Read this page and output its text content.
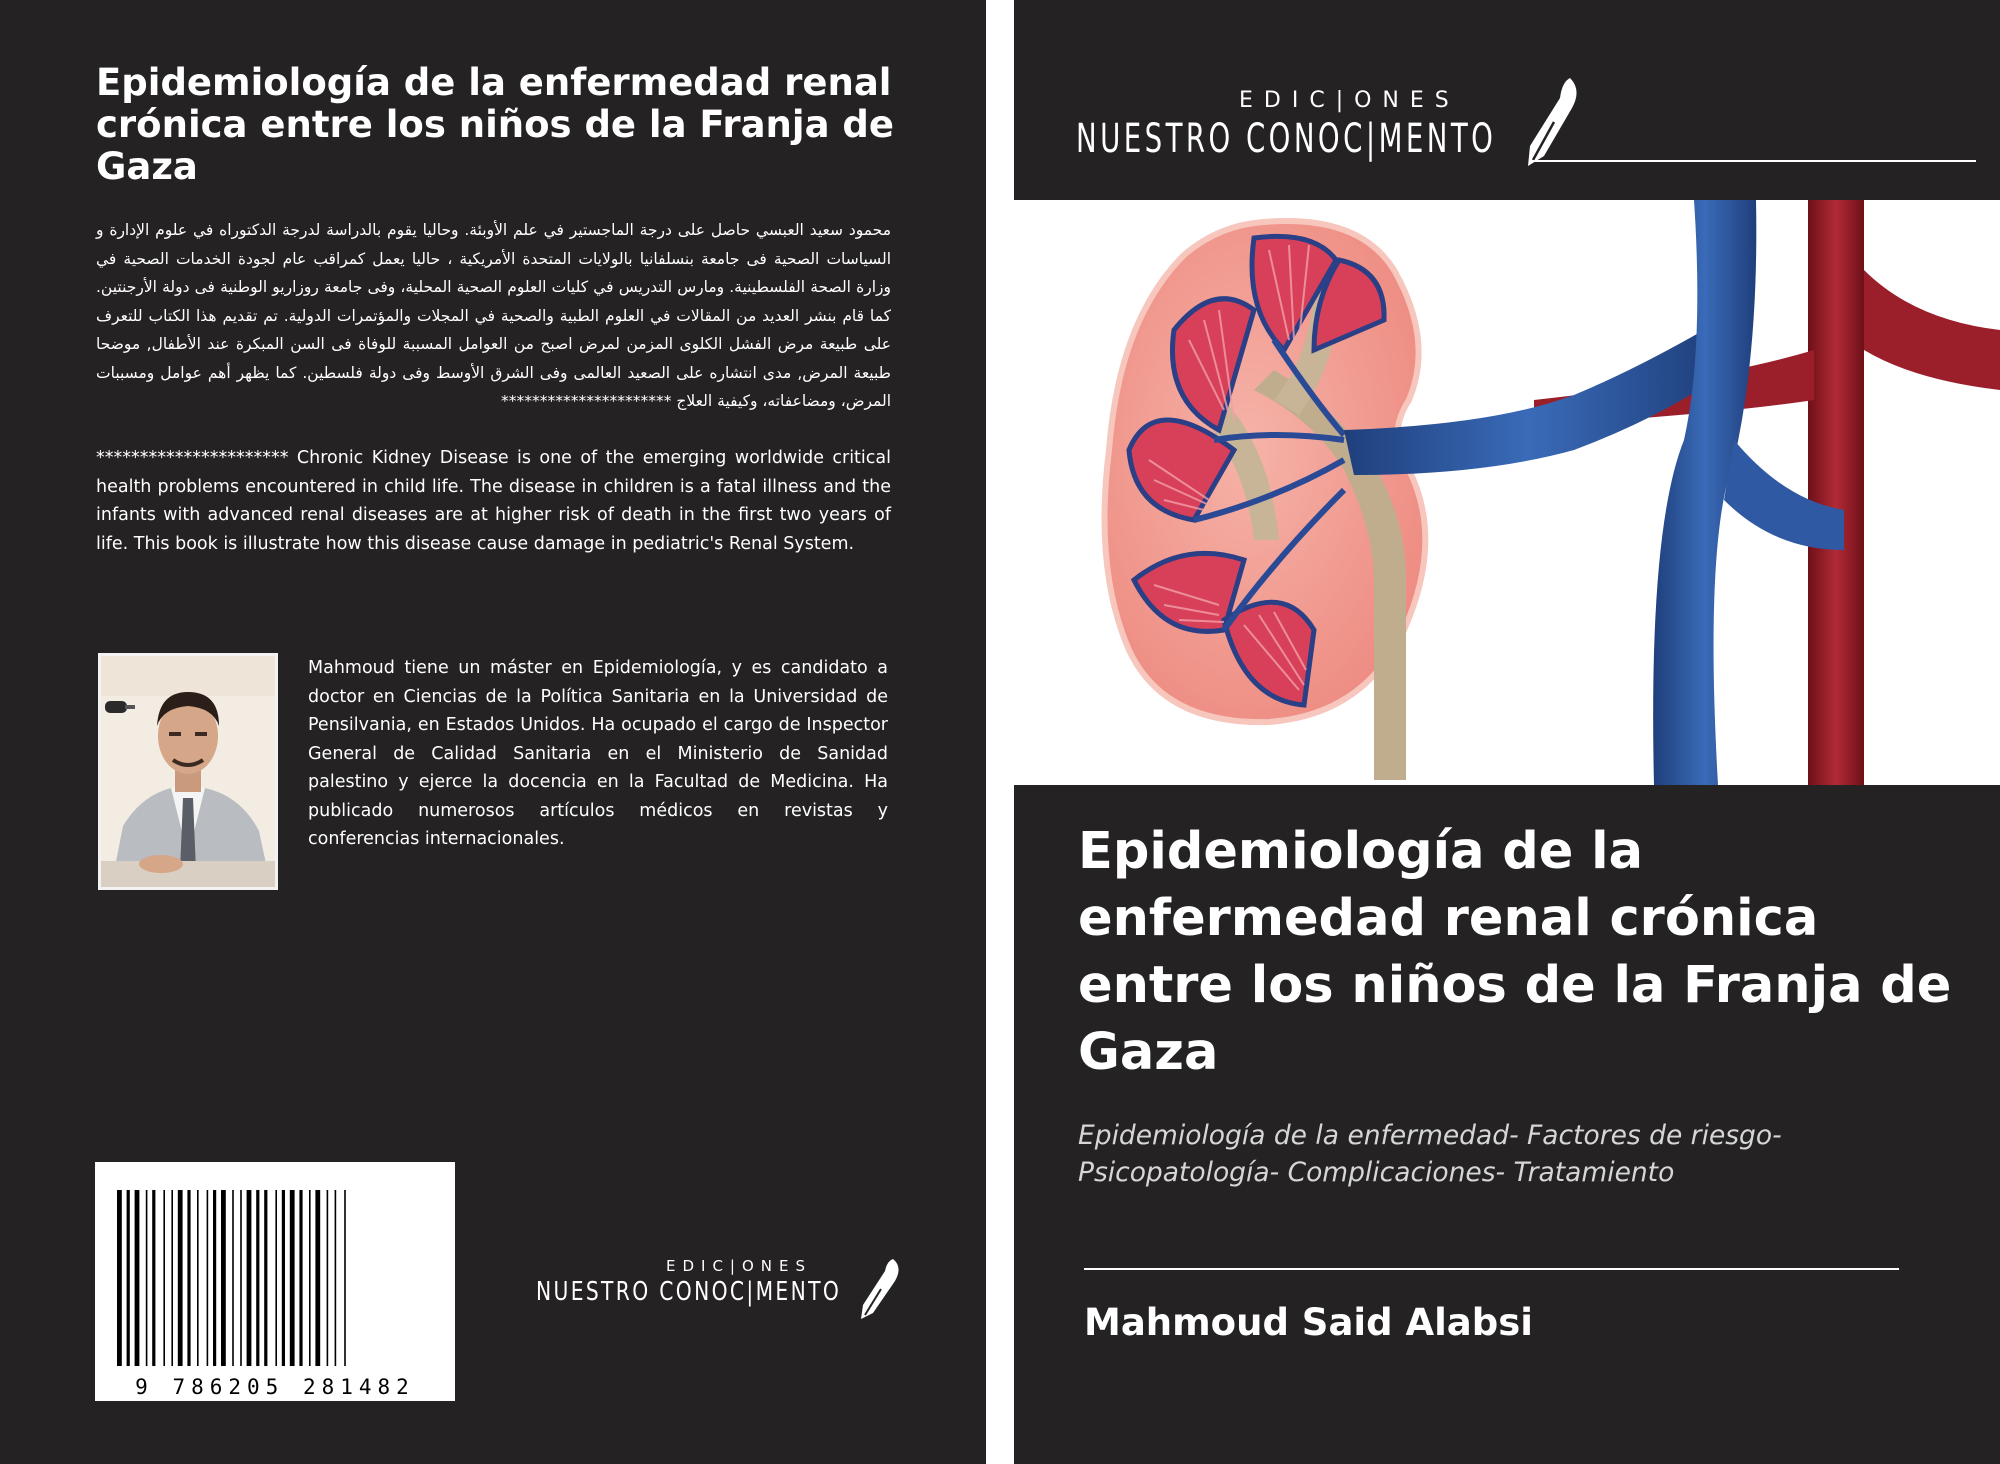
Epidemiología de la enfermedad renal crónica entre los niños de la Franja de Gaza

محمود سعيد العبسي حاصل على درجة الماجستير في علم الأوبئة. وحاليا يقوم بالدراسة لدرجة الدكتوراه في علوم الإدارة و السياسات الصحية فى جامعة بنسلفانيا بالولايات المتحدة الأمريكية ، حاليا يعمل كمراقب عام لجودة الخدمات الصحية في وزارة الصحة الفلسطينية. ومارس التدريس في كليات العلوم الصحية المحلية، وفى جامعة روزاريو الوطنية فى دولة الأرجنتين. كما قام بنشر العديد من المقالات في العلوم الطبية والصحية في المجلات والمؤتمرات الدولية. تم تقديم هذا الكتاب للتعرف على طبيعة مرض الفشل الكلوى المزمن لمرض اصبح من العوامل المسببة للوفاة فى السن المبكرة عند الأطفال, موضحا طبيعة المرض, مدى انتشاره على الصعيد العالمى وفى الشرق الأوسط وفى دولة فلسطين. كما يظهر أهم عوامل ومسببات المرض، ومضاعفاته، وكيفية العلاج **********************

********************** Chronic Kidney Disease is one of the emerging worldwide critical health problems encountered in child life. The disease in children is a fatal illness and the infants with advanced renal diseases are at higher risk of death in the first two years of life. This book is illustrate how this disease cause damage in pediatric's Renal System.

Mahmoud tiene un máster en Epidemiología, y es candidato a doctor en Ciencias de la Política Sanitaria en la Universidad de Pensilvania, en Estados Unidos. Ha ocupado el cargo de Inspector General de Calidad Sanitaria en el Ministerio de Sanidad palestino y ejerce la docencia en la Facultad de Medicina. Ha publicado numerosos artículos médicos en revistas y conferencias internacionales.

9 786205 281482
EDIC|ONES
NUESTRO CONOC|MENTO
EDIC|ONES
NUESTRO CONOC|MENTO
Epidemiología de la enfermedad renal crónica entre los niños de la Franja de Gaza

Epidemiología de la enfermedad- Factores de riesgo- Psicopatología- Complicaciones- Tratamiento

Mahmoud Said Alabsi
